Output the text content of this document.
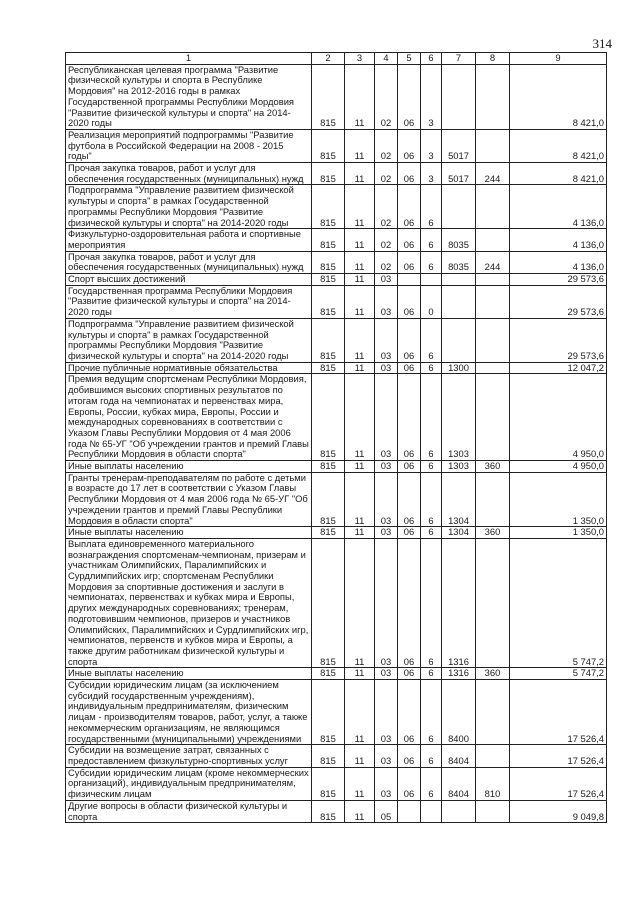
314
1	2	3	4	5	6	7	8	9
Республиканская целевая программа "Развитие физической культуры и спорта в Республике Мордовия" на 2012-2016 годы в рамках Государственной программы Республики Мордовия "Развитие физической культуры и спорта" на 2014-2020 годы	815	11	02	06	3			8 421,0
Реализация мероприятий подпрограммы "Развитие футбола в Российской Федерации на 2008 - 2015 годы"	815	11	02	06	3	5017		8 421,0
Прочая закупка товаров, работ и услуг для обеспечения государственных (муниципальных) нужд	815	11	02	06	3	5017	244	8 421,0
Подпрограмма "Управление развитием физической культуры и спорта" в рамках Государственной программы Республики Мордовия "Развитие физической культуры и спорта" на 2014-2020 годы	815	11	02	06	6			4 136,0
Физкультурно-оздоровительная работа и спортивные мероприятия	815	11	02	06	6	8035		4 136,0
Прочая закупка товаров, работ и услуг для обеспечения государственных (муниципальных) нужд	815	11	02	06	6	8035	244	4 136,0
Спорт высших достижений	815	11	03					29 573,6
Государственная программа Республики Мордовия "Развитие физической культуры и спорта" на 2014-2020 годы	815	11	03	06	0			29 573,6
Подпрограмма "Управление развитием физической культуры и спорта" в рамках Государственной программы Республики Мордовия "Развитие физической культуры и спорта" на 2014-2020 годы	815	11	03	06	6			29 573,6
Прочие публичные нормативные обязательства	815	11	03	06	6	1300		12 047,2
Премия ведущим спортсменам Республики Мордовия, добившимся высоких спортивных результатов по итогам года на чемпионатах и первенствах мира, Европы, России, кубках мира, Европы, России и международных соревнованиях в соответствии с Указом Главы Республики Мордовия от 4 мая 2006 года № 65-УГ "Об учреждении грантов и премий Главы Республики Мордовия в области спорта"	815	11	03	06	6	1303		4 950,0
Иные выплаты населению	815	11	03	06	6	1303	360	4 950,0
Гранты тренерам-преподавателям по работе с детьми в возрасте до 17 лет в соответствии с Указом Главы Республики Мордовия от 4 мая 2006 года № 65-УГ "Об учреждении грантов и премий Главы Республики Мордовия в области спорта"	815	11	03	06	6	1304		1 350,0
Иные выплаты населению	815	11	03	06	6	1304	360	1 350,0
Выплата единовременного материального вознаграждения спортсменам-чемпионам, призерам и участникам Олимпийских, Паралимпийских и Сурдлимпийских игр; спортсменам Республики Мордовия за спортивные достижения и заслуги в чемпионатах, первенствах и кубках мира и Европы, других международных соревнованиях; тренерам, подготовившим чемпионов, призеров и участников Олимпийских, Паралимпийских и Сурдлимпийских игр, чемпионатов, первенств и кубков мира и Европы, а также другим работникам физической культуры и спорта	815	11	03	06	6	1316		5 747,2
Иные выплаты населению	815	11	03	06	6	1316	360	5 747,2
Субсидии юридическим лицам (за исключением субсидий государственным учреждениям), индивидуальным предпринимателям, физическим лицам - производителям товаров, работ, услуг, а также некоммерческим организациям, не являющимся государственными (муниципальными) учреждениями	815	11	03	06	6	8400		17 526,4
Субсидии на возмещение затрат, связанных с предоставлением физкультурно-спортивных услуг	815	11	03	06	6	8404		17 526,4
Субсидии юридическим лицам (кроме некоммерческих организаций), индивидуальным предпринимателям, физическим лицам	815	11	03	06	6	8404	810	17 526,4
Другие вопросы в области физической культуры и спорта	815	11	05					9 049,8
